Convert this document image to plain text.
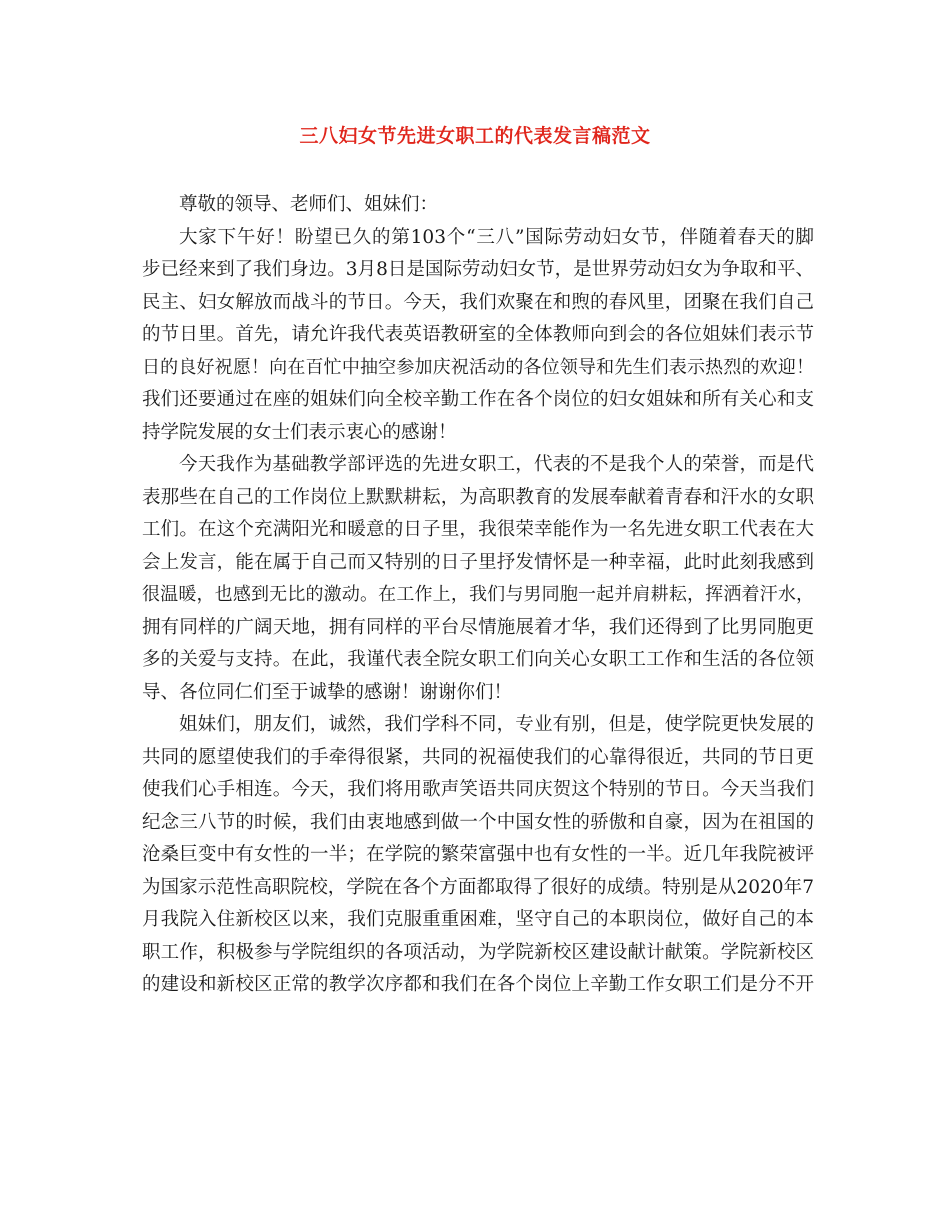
三八妇女节先进女职工的代表发言稿范文
尊敬的领导、老师们、姐妹们：
大家下午好！盼望已久的第103个“三八”国际劳动妇女节，伴随着春天的脚
步已经来到了我们身边。3月8日是国际劳动妇女节，是世界劳动妇女为争取和平、
民主、妇女解放而战斗的节日。今天，我们欢聚在和煦的春风里，团聚在我们自己
的节日里。首先，请允许我代表英语教研室的全体教师向到会的各位姐妹们表示节
日的良好祝愿！向在百忙中抽空参加庆祝活动的各位领导和先生们表示热烈的欢迎！
我们还要通过在座的姐妹们向全校辛勤工作在各个岗位的妇女姐妹和所有关心和支
持学院发展的女士们表示衷心的感谢！
今天我作为基础教学部评选的先进女职工，代表的不是我个人的荣誉，而是代
表那些在自己的工作岗位上默默耕耘，为高职教育的发展奉献着青春和汗水的女职
工们。在这个充满阳光和暖意的日子里，我很荣幸能作为一名先进女职工代表在大
会上发言，能在属于自己而又特别的日子里抒发情怀是一种幸福，此时此刻我感到
很温暖，也感到无比的激动。在工作上，我们与男同胞一起并肩耕耘，挥洒着汗水，
拥有同样的广阔天地，拥有同样的平台尽情施展着才华，我们还得到了比男同胞更
多的关爱与支持。在此，我谨代表全院女职工们向关心女职工工作和生活的各位领
导、各位同仁们至于诚挚的感谢！谢谢你们！
姐妹们，朋友们，诚然，我们学科不同，专业有别，但是，使学院更快发展的
共同的愿望使我们的手牵得很紧，共同的祝福使我们的心靠得很近，共同的节日更
使我们心手相连。今天，我们将用歌声笑语共同庆贺这个特别的节日。今天当我们
纪念三八节的时候，我们由衷地感到做一个中国女性的骄傲和自豪，因为在祖国的
沧桑巨变中有女性的一半；在学院的繁荣富强中也有女性的一半。近几年我院被评
为国家示范性高职院校，学院在各个方面都取得了很好的成绩。特别是从2020年7
月我院入住新校区以来，我们克服重重困难，坚守自己的本职岗位，做好自己的本
职工作，积极参与学院组织的各项活动，为学院新校区建设献计献策。学院新校区
的建设和新校区正常的教学次序都和我们在各个岗位上辛勤工作女职工们是分不开
